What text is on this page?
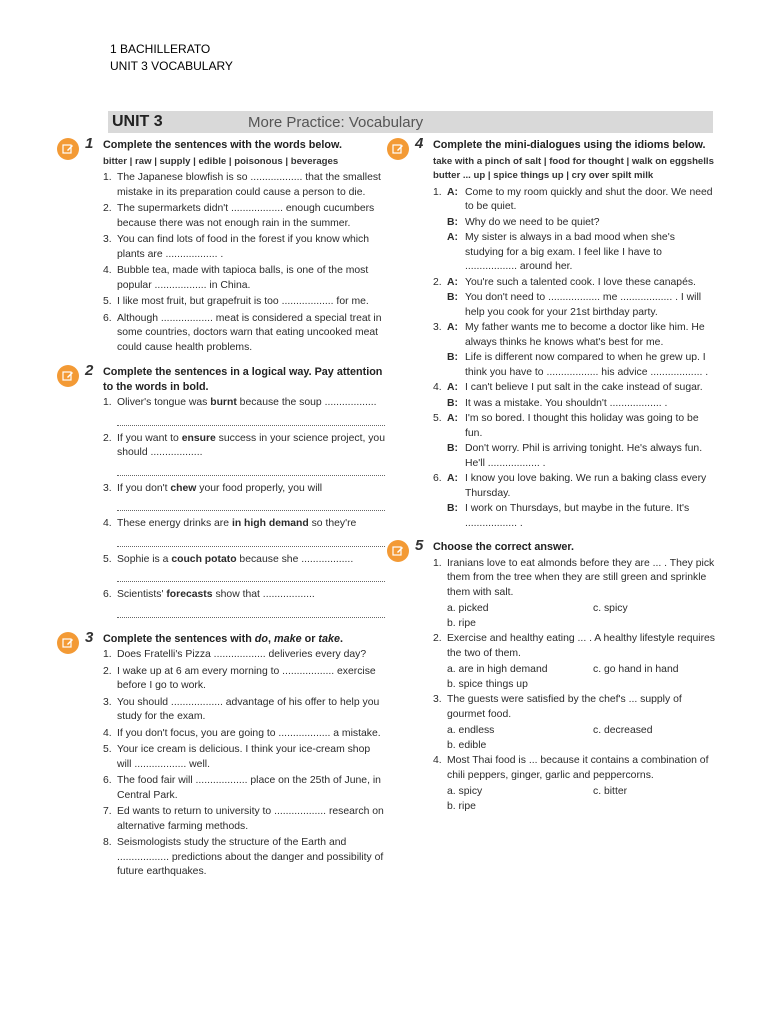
1 BACHILLERATO
UNIT 3 VOCABULARY
UNIT 3	More Practice: Vocabulary
1 Complete the sentences with the words below.
bitter | raw | supply | edible | poisonous | beverages
1. The Japanese blowfish is so .................. that the smallest mistake in its preparation could cause a person to die.
2. The supermarkets didn't .................. enough cucumbers because there was not enough rain in the summer.
3. You can find lots of food in the forest if you know which plants are .................. .
4. Bubble tea, made with tapioca balls, is one of the most popular .................. in China.
5. I like most fruit, but grapefruit is too .................. for me.
6. Although .................. meat is considered a special treat in some countries, doctors warn that eating uncooked meat could cause health problems.
2 Complete the sentences in a logical way. Pay attention to the words in bold.
1. Oliver's tongue was burnt because the soup ..................
2. If you want to ensure success in your science project, you should ..................
3. If you don't chew your food properly, you will
4. These energy drinks are in high demand so they're
5. Sophie is a couch potato because she ..................
6. Scientists' forecasts show that ..................
3 Complete the sentences with do, make or take.
1. Does Fratelli's Pizza .................. deliveries every day?
2. I wake up at 6 am every morning to .................. exercise before I go to work.
3. You should .................. advantage of his offer to help you study for the exam.
4. If you don't focus, you are going to .................. a mistake.
5. Your ice cream is delicious. I think your ice-cream shop will .................. well.
6. The food fair will .................. place on the 25th of June, in Central Park.
7. Ed wants to return to university to .................. research on alternative farming methods.
8. Seismologists study the structure of the Earth and .................. predictions about the danger and possibility of future earthquakes.
4 Complete the mini-dialogues using the idioms below.
take with a pinch of salt | food for thought | walk on eggshells butter ... up | spice things up | cry over spilt milk
1. A: Come to my room quickly and shut the door. We need to be quiet.
B: Why do we need to be quiet?
A: My sister is always in a bad mood when she's studying for a big exam. I feel like I have to .................. around her.
2. A: You're such a talented cook. I love these canapés.
B: You don't need to .................. me .................. . I will help you cook for your 21st birthday party.
3. A: My father wants me to become a doctor like him. He always thinks he knows what's best for me.
B: Life is different now compared to when he grew up. I think you have to .................. his advice .................. .
4. A: I can't believe I put salt in the cake instead of sugar.
B: It was a mistake. You shouldn't .................. .
5. A: I'm so bored. I thought this holiday was going to be fun.
B: Don't worry. Phil is arriving tonight. He's always fun. He'll .................. .
6. A: I know you love baking. We run a baking class every Thursday.
B: I work on Thursdays, but maybe in the future. It's .................. .
5 Choose the correct answer.
1. Iranians love to eat almonds before they are ... . They pick them from the tree when they are still green and sprinkle them with salt.
a. picked	c. spicy
b. ripe
2. Exercise and healthy eating ... . A healthy lifestyle requires the two of them.
a. are in high demand	c. go hand in hand
b. spice things up
3. The guests were satisfied by the chef's ... supply of gourmet food.
a. endless	c. decreased
b. edible
4. Most Thai food is ... because it contains a combination of chili peppers, ginger, garlic and peppercorns.
a. spicy	c. bitter
b. ripe
